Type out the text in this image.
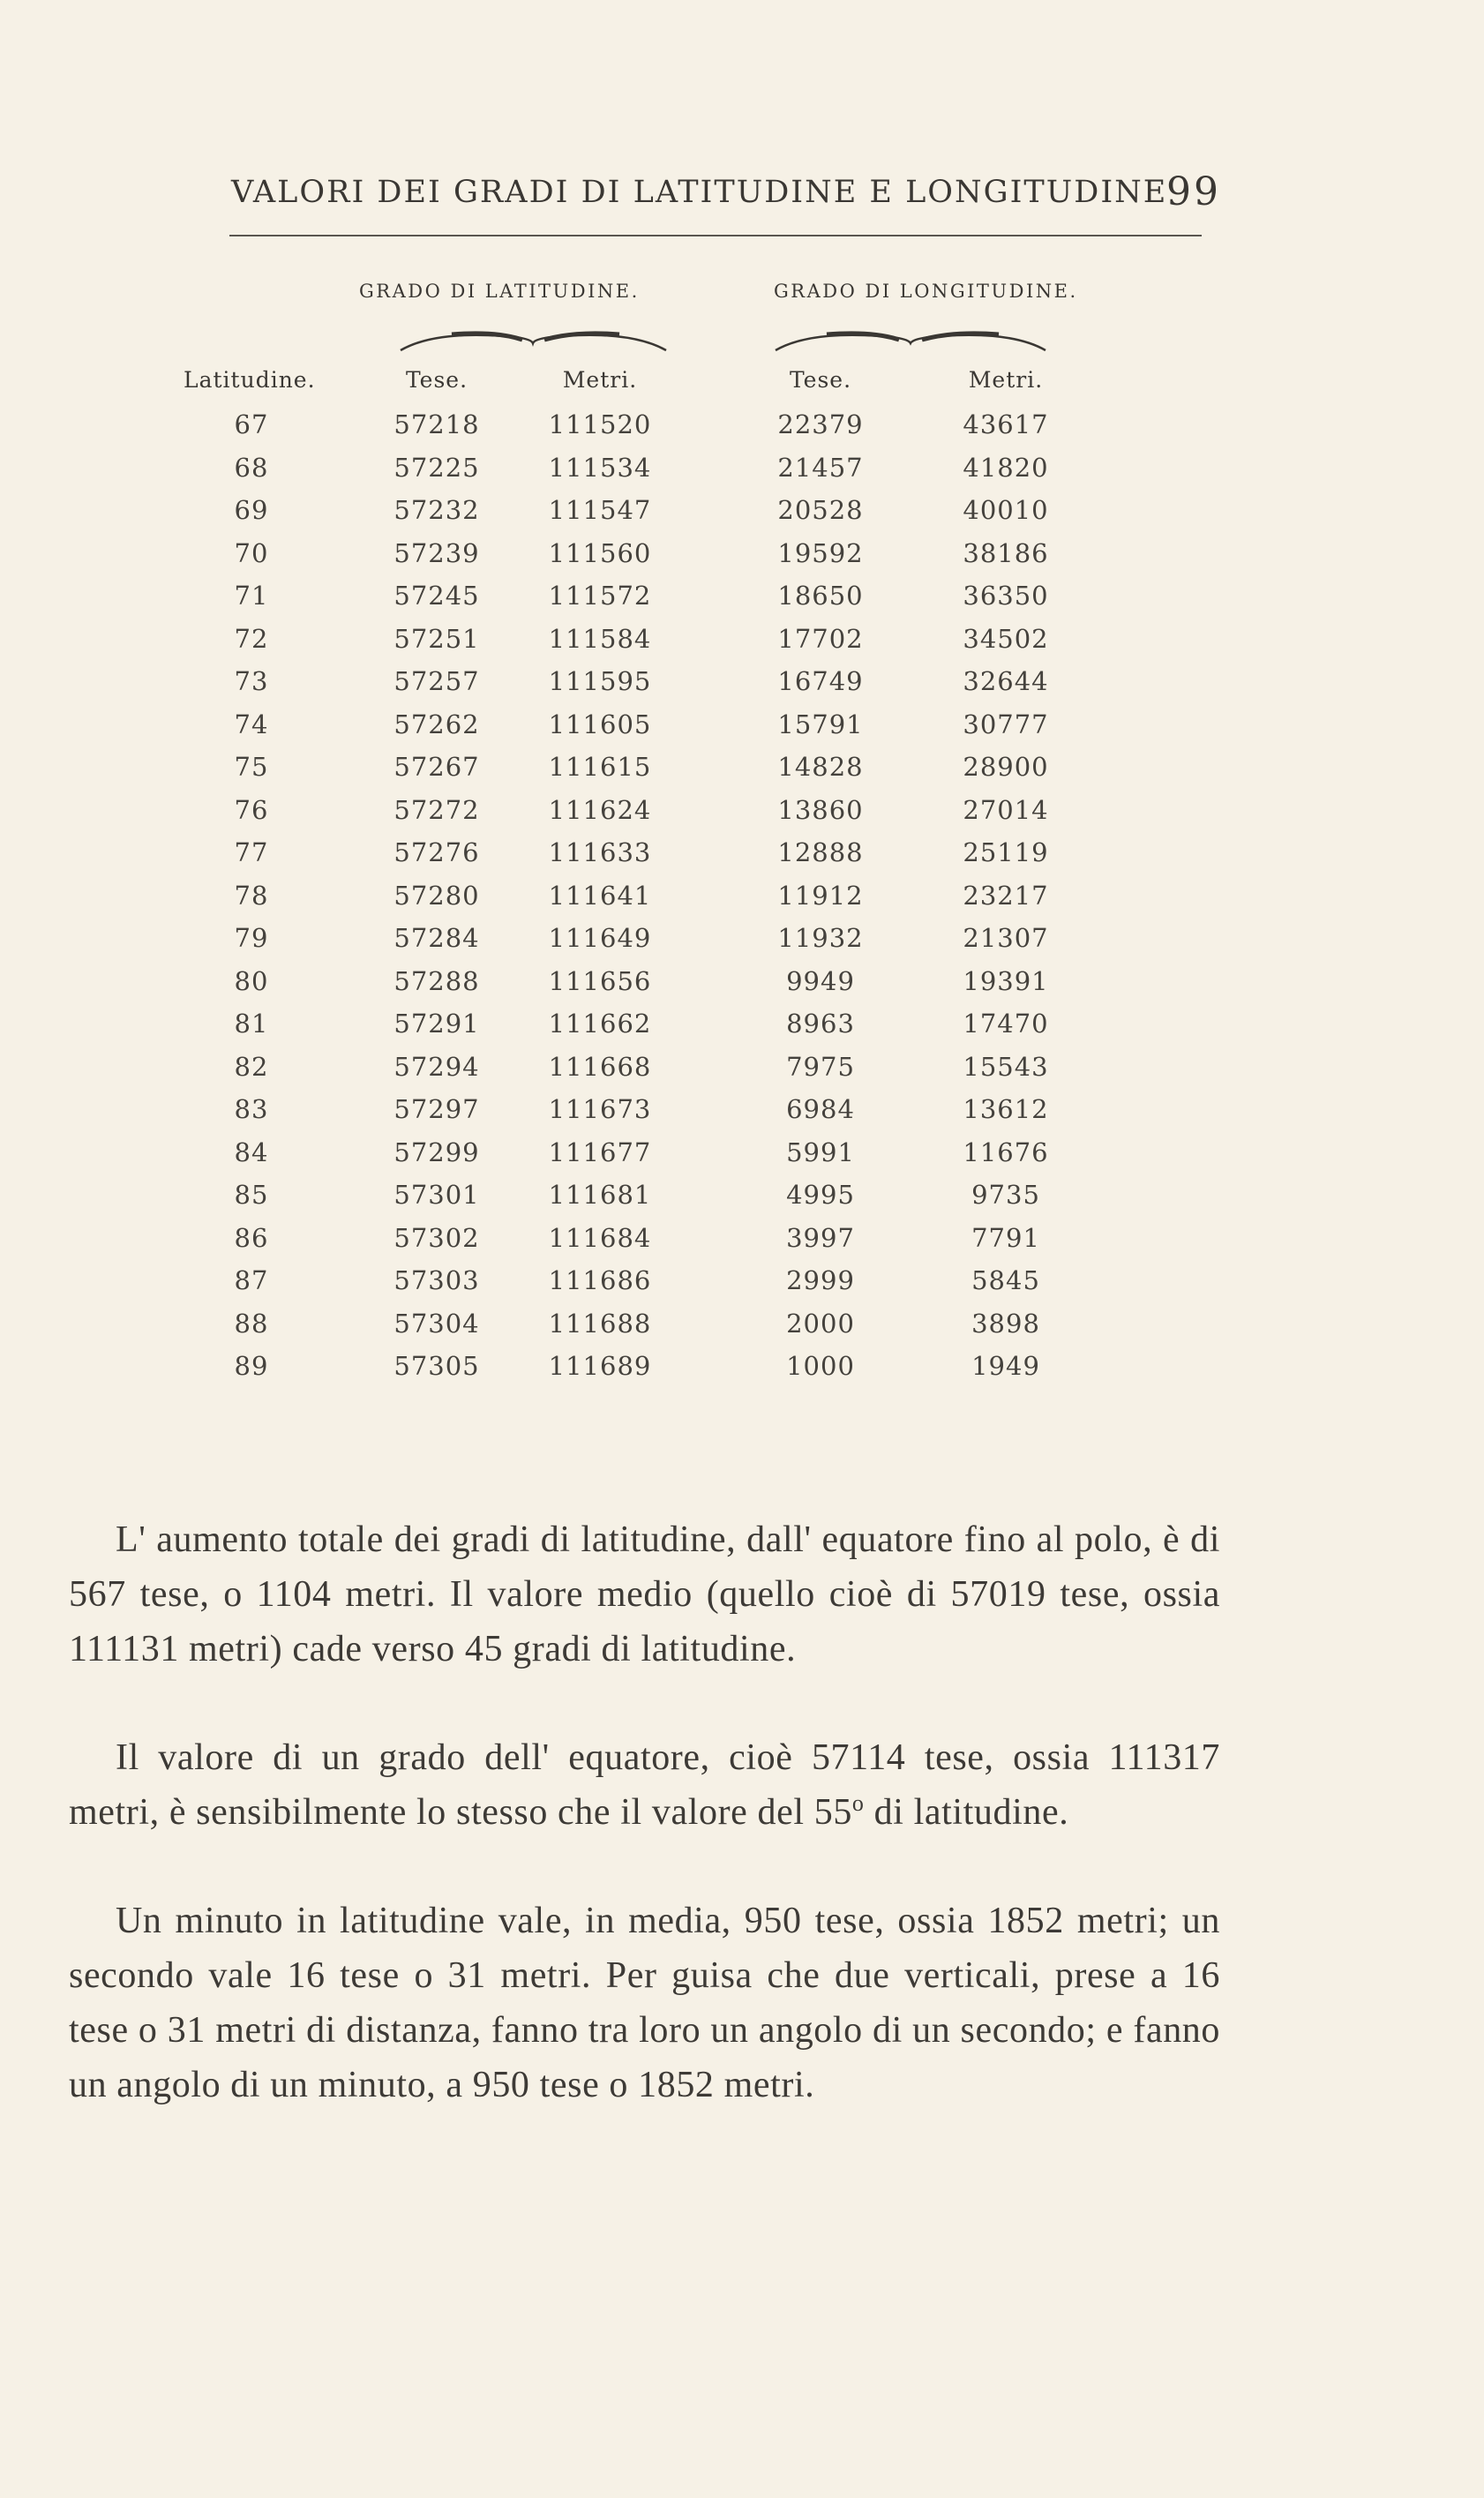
VALORI DEI GRADI DI LATITUDINE E LONGITUDINE
99
GRADO DI LATITUDINE.	GRADO DI LONGITUDINE.
Latitudine.	Tese.	Metri.	Tese.	Metri.
67	57218	111520	22379	43617
68	57225	111534	21457	41820
69	57232	111547	20528	40010
70	57239	111560	19592	38186
71	57245	111572	18650	36350
72	57251	111584	17702	34502
73	57257	111595	16749	32644
74	57262	111605	15791	30777
75	57267	111615	14828	28900
76	57272	111624	13860	27014
77	57276	111633	12888	25119
78	57280	111641	11912	23217
79	57284	111649	11932	21307
80	57288	111656	9949	19391
81	57291	111662	8963	17470
82	57294	111668	7975	15543
83	57297	111673	6984	13612
84	57299	111677	5991	11676
85	57301	111681	4995	9735
86	57302	111684	3997	7791
87	57303	111686	2999	5845
88	57304	111688	2000	3898
89	57305	111689	1000	1949

L' aumento totale dei gradi di latitudine, dall' equatore fino al polo, è di 567 tese, o 1104 metri. Il valore medio (quello cioè di 57019 tese, ossia 111131 metri) cade verso 45 gradi di latitudine.

Il valore di un grado dell' equatore, cioè 57114 tese, ossia 111317 metri, è sensibilmente lo stesso che il valore del 55$^o$ di latitudine.

Un minuto in latitudine vale, in media, 950 tese, ossia 1852 metri; un secondo vale 16 tese o 31 metri. Per guisa che due verticali, prese a 16 tese o 31 metri di distanza, fanno tra loro un angolo di un secondo; e fanno un angolo di un minuto, a 950 tese o 1852 metri.
